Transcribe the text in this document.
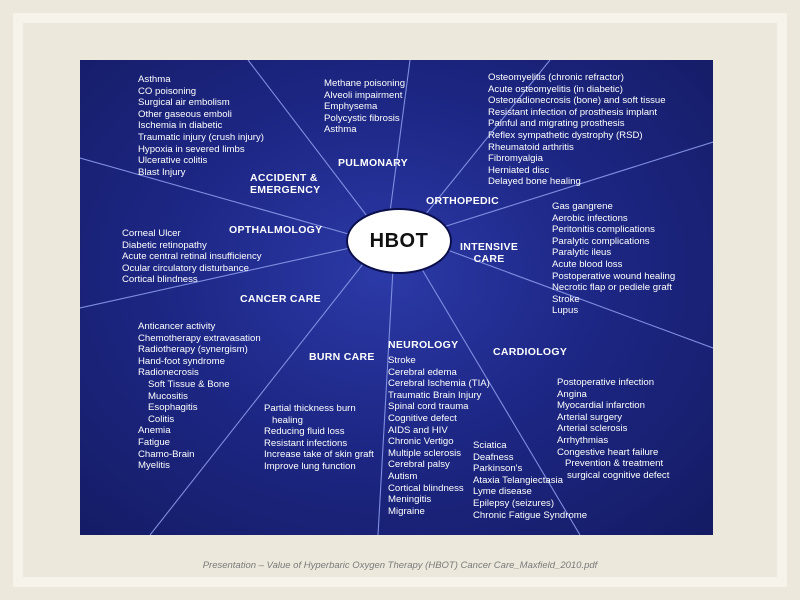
HBOT
ACCIDENT &
EMERGENCY
PULMONARY
ORTHOPEDIC
OPTHALMOLOGY
INTENSIVE
CARE
CANCER CARE
BURN CARE
NEUROLOGY
CARDIOLOGY
Asthma
CO poisoning
Surgical air embolism
Other gaseous emboli
Ischemia in diabetic
Traumatic injury (crush injury)
Hypoxia in severed limbs
Ulcerative colitis
Blast Injury
Methane poisoning
Alveoli impairment
Emphysema
Polycystic fibrosis
Asthma
Osteomyelitis (chronic refractor)
Acute osteomyelitis (in diabetic)
Osteoradionecrosis (bone) and soft tissue
Resistant infection of prosthesis implant
Painful and migrating prosthesis
Reflex sympathetic dystrophy (RSD)
Rheumatoid arthritis
Fibromyalgia
Herniated disc
Delayed bone healing
Corneal Ulcer
Diabetic retinopathy
Acute central retinal insufficiency
Ocular circulatory disturbance
Cortical blindness
Gas gangrene
Aerobic infections
Peritonitis complications
Paralytic complications
Paralytic ileus
Acute blood loss
Postoperative wound healing
Necrotic flap or pediele graft
Stroke
Lupus
Anticancer activity
Chemotherapy extravasation
Radiotherapy (synergism)
Hand-foot syndrome
Radionecrosis
Soft Tissue & Bone
Mucositis
Esophagitis
Colitis
Anemia
Fatigue
Chamo-Brain
Myelitis
Partial thickness burn
healing
Reducing fluid loss
Resistant infections
Increase take of skin graft
Improve lung function
Stroke
Cerebral edema
Cerebral Ischemia (TIA)
Traumatic Brain Injury
Spinal cord trauma
Cognitive defect
AIDS and HIV
Chronic Vertigo
Multiple sclerosis
Cerebral palsy
Autism
Cortical blindness
Meningitis
Migraine
Sciatica
Deafness
Parkinson's
Ataxia Telangiectasia
Lyme disease
Epilepsy (seizures)
Chronic Fatigue Syndrome
Postoperative infection
Angina
Myocardial infarction
Arterial surgery
Arterial sclerosis
Arrhythmias
Congestive heart failure
Prevention & treatment
surgical cognitive defect
Presentation – Value of Hyperbaric Oxygen Therapy (HBOT) Cancer Care_Maxfield_2010.pdf
